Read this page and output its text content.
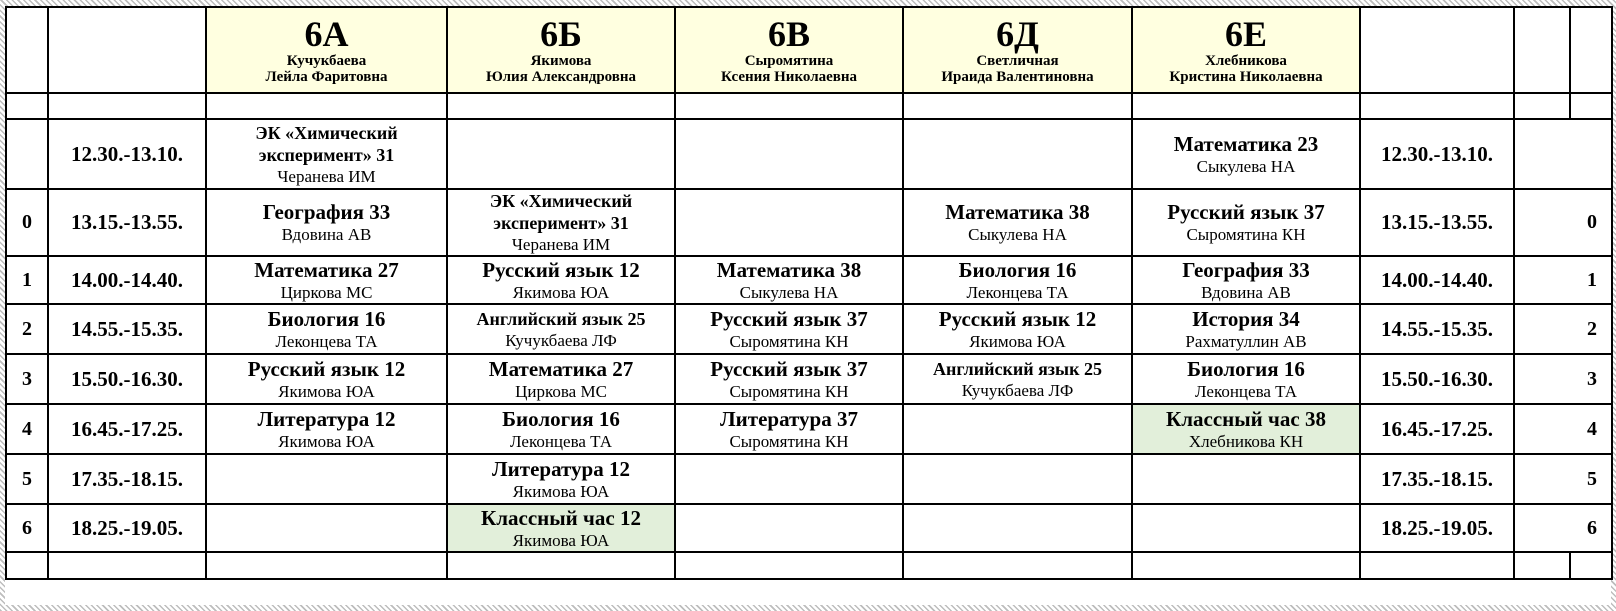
		6А
Кучукбаева
Лейла Фаритовна	6Б
Якимова
Юлия Александровна	6В
Сыромятина
Ксения Николаевна	6Д
Светличная
Ираида Валентиновна	6Е
Хлебникова
Кристина Николаевна			

	12.30.-13.10.	ЭК «Химический
эксперимент» 31
Черанева ИМ				Математика 23
Сыкулева НА	12.30.-13.10.		
0	13.15.-13.55.	География 33
Вдовина АВ	ЭК «Химический
эксперимент» 31
Черанева ИМ		Математика 38
Сыкулева НА	Русский язык 37
Сыромятина КН	13.15.-13.55.	0	
1	14.00.-14.40.	Математика 27
Циркова МС	Русский язык 12
Якимова ЮА	Математика 38
Сыкулева НА	Биология 16
Леконцева ТА	География 33
Вдовина АВ	14.00.-14.40.	1	
2	14.55.-15.35.	Биология 16
Леконцева ТА	Английский язык 25
Кучукбаева ЛФ	Русский язык 37
Сыромятина КН	Русский язык 12
Якимова ЮА	История 34
Рахматуллин АВ	14.55.-15.35.	2	
3	15.50.-16.30.	Русский язык 12
Якимова ЮА	Математика 27
Циркова МС	Русский язык 37
Сыромятина КН	Английский язык 25
Кучукбаева ЛФ	Биология 16
Леконцева ТА	15.50.-16.30.	3	
4	16.45.-17.25.	Литература 12
Якимова ЮА	Биология 16
Леконцева ТА	Литература 37
Сыромятина КН		Классный час 38
Хлебникова КН	16.45.-17.25.	4	
5	17.35.-18.15.		Литература 12
Якимова ЮА				17.35.-18.15.	5	
6	18.25.-19.05.		Классный час 12
Якимова ЮА				18.25.-19.05.	6	
